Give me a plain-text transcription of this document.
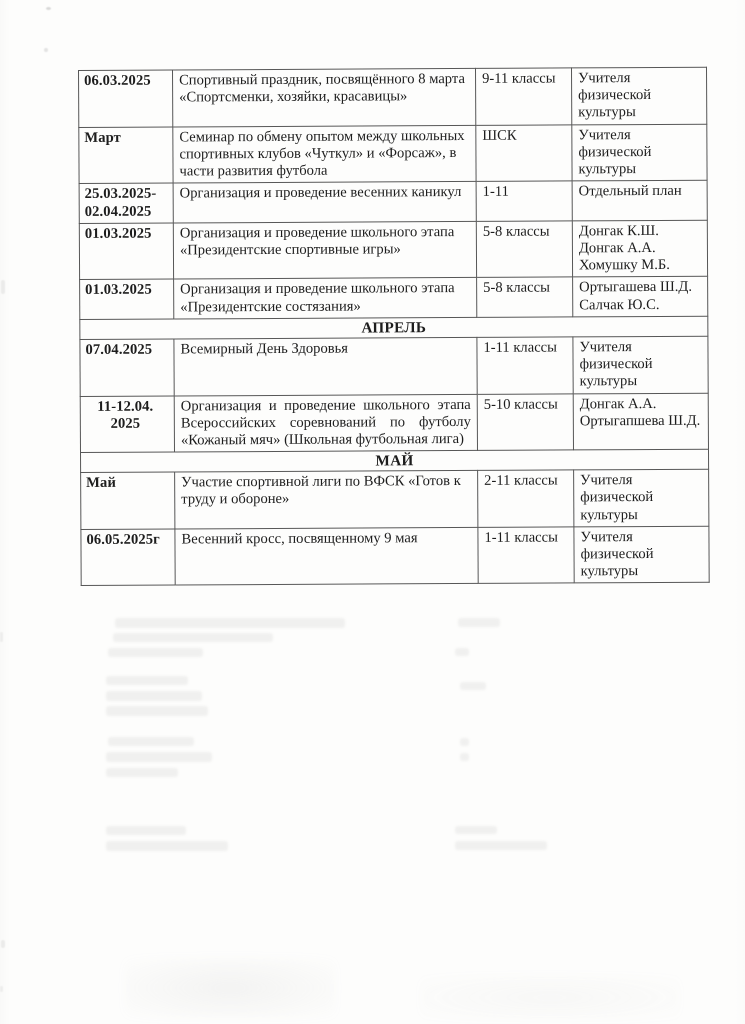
06.03.2025	Спортивный праздник, посвящённого 8 марта «Спортсменки, хозяйки, красавицы»	9-11 классы	Учителя физической культуры
Март	Семинар по обмену опытом между школьных спортивных клубов «Чуткул» и «Форсаж», в части развития футбола	ШСК	Учителя физической культуры
25.03.2025-
02.04.2025	Организация и проведение весенних каникул	1-11	Отдельный план
01.03.2025	Организация и проведение школьного этапа «Президентские спортивные игры»	5-8 классы	Донгак К.Ш.
Донгак А.А.
Хомушку М.Б.
01.03.2025	Организация и проведение школьного этапа «Президентские состязания»	5-8 классы	Ортыгашева Ш.Д.
Салчак Ю.С.
АПРЕЛЬ			
07.04.2025	Всемирный День Здоровья	1-11 классы	Учителя физической культуры
11-12.04.
2025	Организация и проведение школьного этапа Всероссийских соревнований по футболу «Кожаный мяч» (Школьная футбольная лига)	5-10 классы	Донгак А.А.
Ортыгапшева Ш.Д.
МАЙ			
Май	Участие спортивной лиги по ВФСК «Готов к труду и обороне»	2-11 классы	Учителя физической культуры
06.05.2025г	Весенний кросс, посвященному 9 мая	1-11 классы	Учителя физической культуры
